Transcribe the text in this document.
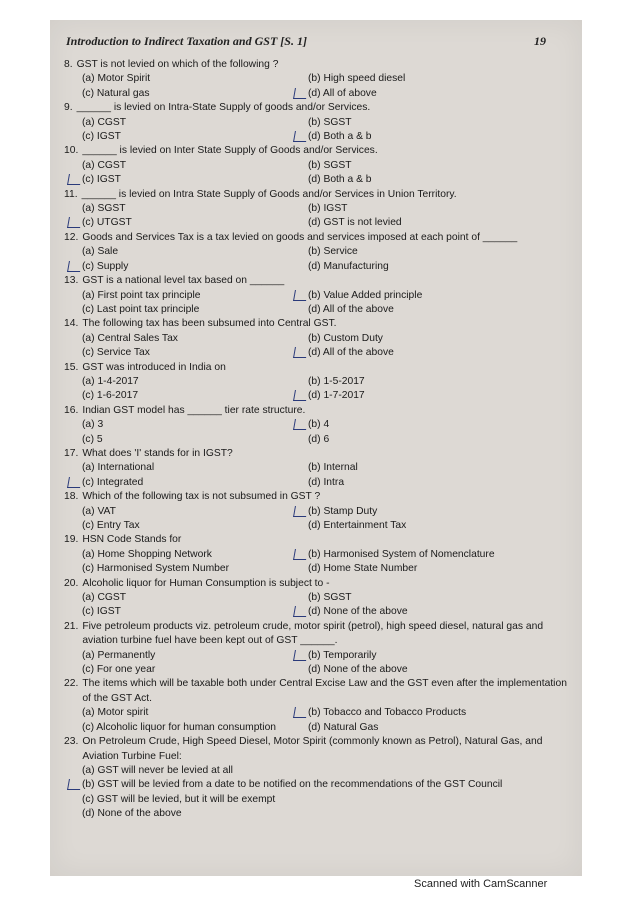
Introduction to Indirect Taxation and GST [S. 1]	19
8. GST is not levied on which of the following ?
(a) Motor Spirit	(b) High speed diesel
(c) Natural gas	(d) All of above
9. ______ is levied on Intra-State Supply of goods and/or Services.
(a) CGST	(b) SGST
(c) IGST	(d) Both a & b
10. ______ is levied on Inter State Supply of Goods and/or Services.
(a) CGST	(b) SGST
(c) IGST	(d) Both a & b
11. ______ is levied on Intra State Supply of Goods and/or Services in Union Territory.
(a) SGST	(b) IGST
(c) UTGST	(d) GST is not levied
12. Goods and Services Tax is a tax levied on goods and services imposed at each point of ______
(a) Sale	(b) Service
(c) Supply	(d) Manufacturing
13. GST is a national level tax based on ______
(a) First point tax principle	(b) Value Added principle
(c) Last point tax principle	(d) All of the above
14. The following tax has been subsumed into Central GST.
(a) Central Sales Tax	(b) Custom Duty
(c) Service Tax	(d) All of the above
15. GST was introduced in India on
(a) 1-4-2017	(b) 1-5-2017
(c) 1-6-2017	(d) 1-7-2017
16. Indian GST model has ______ tier rate structure.
(a) 3	(b) 4
(c) 5	(d) 6
17. What does 'I' stands for in IGST?
(a) International	(b) Internal
(c) Integrated	(d) Intra
18. Which of the following tax is not subsumed in GST ?
(a) VAT	(b) Stamp Duty
(c) Entry Tax	(d) Entertainment Tax
19. HSN Code Stands for
(a) Home Shopping Network	(b) Harmonised System of Nomenclature
(c) Harmonised System Number	(d) Home State Number
20. Alcoholic liquor for Human Consumption is subject to -
(a) CGST	(b) SGST
(c) IGST	(d) None of the above
21. Five petroleum products viz. petroleum crude, motor spirit (petrol), high speed diesel, natural gas and aviation turbine fuel have been kept out of GST ______.
(a) Permanently	(b) Temporarily
(c) For one year	(d) None of the above
22. The items which will be taxable both under Central Excise Law and the GST even after the implementation of the GST Act.
(a) Motor spirit	(b) Tobacco and Tobacco Products
(c) Alcoholic liquor for human consumption	(d) Natural Gas
23. On Petroleum Crude, High Speed Diesel, Motor Spirit (commonly known as Petrol), Natural Gas, and Aviation Turbine Fuel:
(a) GST will never be levied at all
(b) GST will be levied from a date to be notified on the recommendations of the GST Council
(c) GST will be levied, but it will be exempt
(d) None of the above
Scanned with CamScanner
